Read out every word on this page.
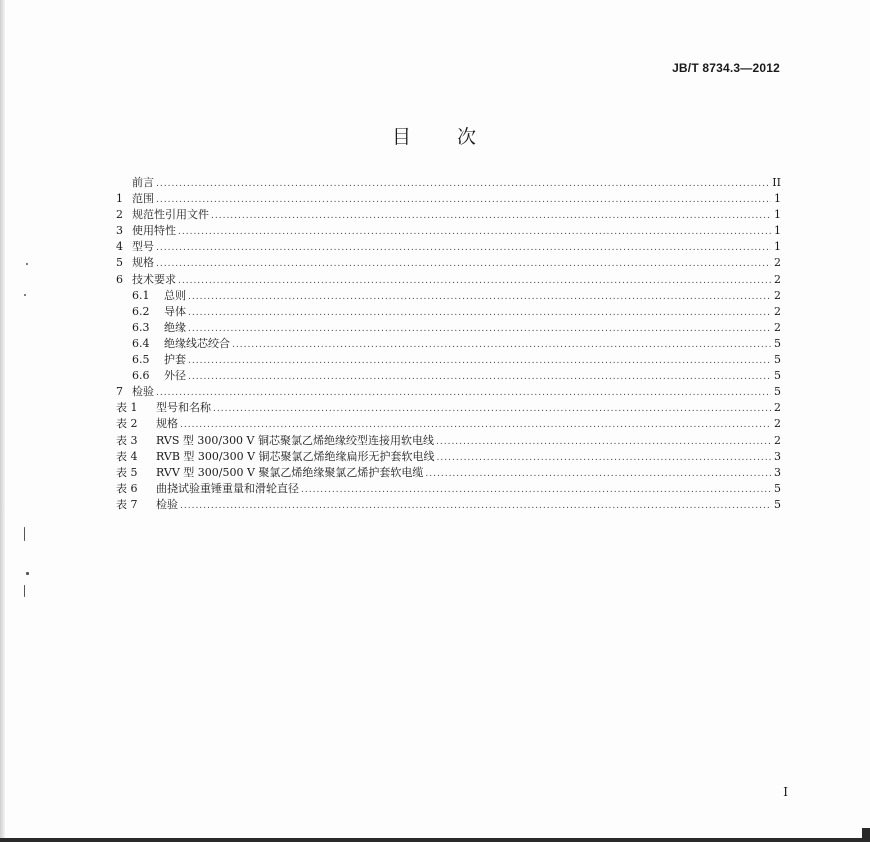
JB/T 8734.3—2012
目 次
前言 .....	II
1 范围 .....	1
2 规范性引用文件 .....	1
3 使用特性 .....	1
4 型号 .....	1
5 规格 .....	2
6 技术要求 .....	2
6.1	总则 .....	2
6.2	导体 .....	2
6.3	绝缘 .....	2
6.4	绝缘线芯绞合 .....	5
6.5	护套 .....	5
6.6	外径 .....	5
7 检验 .....	5
表 1	型号和名称 .....	2
表 2	规格 .....	2
表 3	RVS 型 300/300 V 铜芯聚氯乙烯绝缘绞型连接用软电线 .....	2
表 4	RVB 型 300/300 V 铜芯聚氯乙烯绝缘扁形无护套软电线 .....	3
表 5	RVV 型 300/500 V 聚氯乙烯绝缘聚氯乙烯护套软电缆 .....	3
表 6	曲挠试验重锤重量和滑轮直径 .....	5
表 7	检验 .....	5
I
